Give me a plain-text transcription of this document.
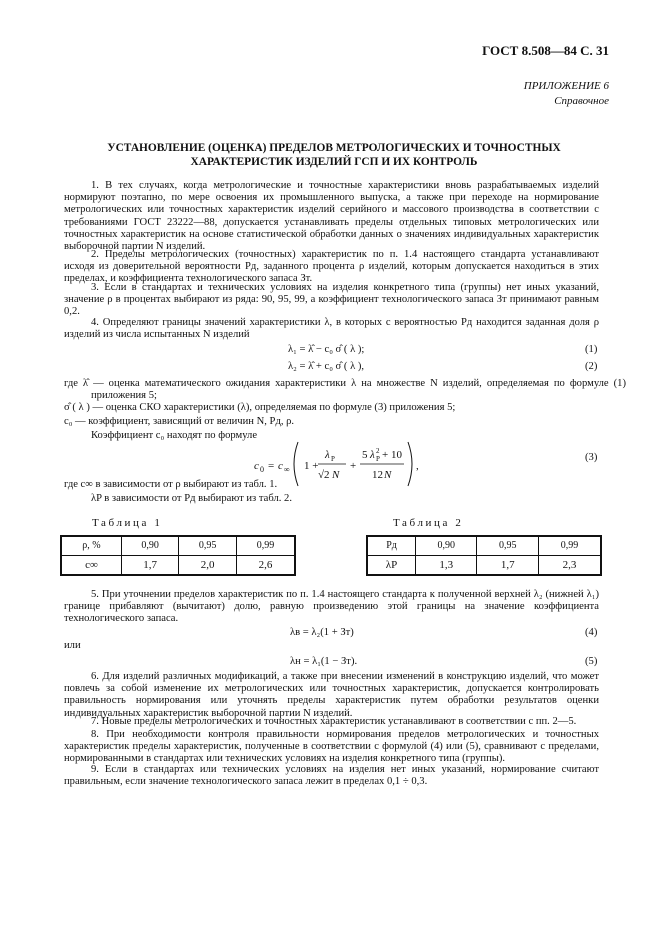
ГОСТ 8.508—84 С. 31
ПРИЛОЖЕНИЕ 6
Справочное
УСТАНОВЛЕНИЕ (ОЦЕНКА) ПРЕДЕЛОВ МЕТРОЛОГИЧЕСКИХ И ТОЧНОСТНЫХ ХАРАКТЕРИСТИК ИЗДЕЛИЙ ГСП И ИХ КОНТРОЛЬ
1. В тех случаях, когда метрологические и точностные характеристики вновь разрабатываемых изделий нормируют поэтапно, по мере освоения их промышленного выпуска, а также при переходе на нормирование метрологических или точностных характеристик изделий серийного и массового производства в соответствии с требованиями ГОСТ 23222—88, допускается устанавливать пределы отдельных типовых метрологических или точностных характеристик на основе статистической обработки данных о значениях индивидуальных характеристик выборочной партии N изделий.
2. Пределы метрологических (точностных) характеристик по п. 1.4 настоящего стандарта устанавливают исходя из доверительной вероятности Pд, заданного процента ρ изделий, которым допускается находиться в этих пределах, и коэффициента технологического запаса Зт.
3. Если в стандартах и технических условиях на изделия конкретного типа (группы) нет иных указаний, значение ρ в процентах выбирают из ряда: 90, 95, 99, а коэффициент технологического запаса Зт принимают равным 0,2.
4. Определяют границы значений характеристики λ, в которых с вероятностью Pд находится заданная доля ρ изделий из числа испытанных N изделий
λ₁ = λ̂ − c₀ σ̂ ( λ );	(1)
λ₂ = λ̂ + c₀ σ̂ ( λ ),	(2)
где λ̂ — оценка математического ожидания характеристики λ на множестве N изделий, определяемая по формуле (1) приложения 5;
σ̂ ( λ ) — оценка СКО характеристики (λ), определяемая по формуле (3) приложения 5;
c₀ — коэффициент, зависящий от величин N, Pд, ρ.
Коэффициент c₀ находят по формуле
c 0 = c ∞ 1 +
λ P
√2 N
+
5 λ 2
P + 10
12 N
,
(3)
где c∞ в зависимости от ρ выбирают из табл. 1.
λP в зависимости от Pд выбирают из табл. 2.
Таблица 1	Таблица 2
ρ, %	0,90	0,95	0,99
c∞	1,7	2,0	2,6
Pд	0,90	0,95	0,99
λP	1,3	1,7	2,3
5. При уточнении пределов характеристик по п. 1.4 настоящего стандарта к полученной верхней λ₂ (нижней λ₁) границе прибавляют (вычитают) долю, равную произведению этой границы на значение коэффициента технологического запаса.
λв = λ₂(1 + Зт)	(4)
или
λн = λ₁(1 − Зт).	(5)
6. Для изделий различных модификаций, а также при внесении изменений в конструкцию изделий, что может повлечь за собой изменение их метрологических или точностных характеристик, допускается контролировать правильность нормирования или уточнять пределы характеристик путем обработки результатов оценки индивидуальных характеристик выборочной партии N изделий.
7. Новые пределы метрологических и точностных характеристик устанавливают в соответствии с пп. 2—5.
8. При необходимости контроля правильности нормирования пределов метрологических и точностных характеристик пределы характеристик, полученные в соответствии с формулой (4) или (5), сравнивают с пределами, нормированными в стандартах или технических условиях на изделия конкретного типа (группы).
9. Если в стандартах или технических условиях на изделия нет иных указаний, нормирование считают правильным, если значение технологического запаса лежит в пределах 0,1 ÷ 0,3.
